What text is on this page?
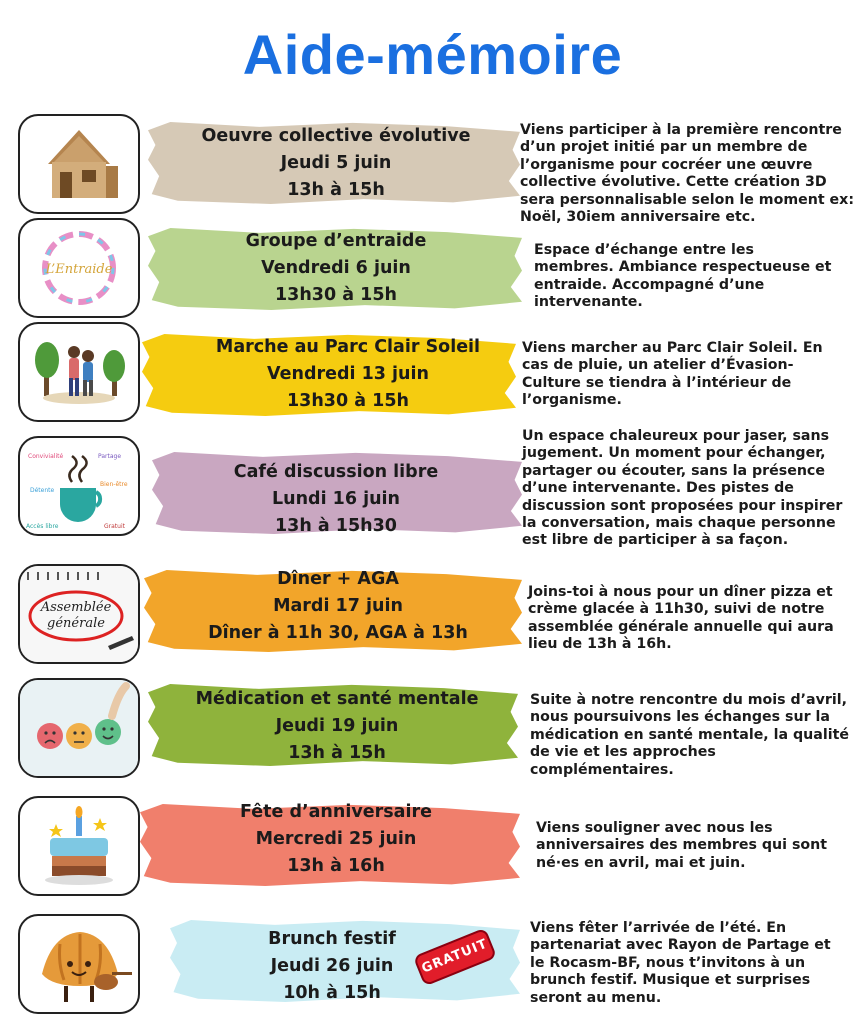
Aide-mémoire
Oeuvre collective évolutive
Jeudi 5 juin
13h à 15h
Viens participer à la première rencontre d’un projet initié par un membre de l’organisme pour cocréer une œuvre collective évolutive. Cette création 3D sera personnalisable selon le moment ex: Noël, 30iem anniversaire etc.
L’Entraide
Groupe d’entraide
Vendredi 6 juin
13h30 à 15h
Espace d’échange entre les membres. Ambiance respectueuse et entraide. Accompagné d’une intervenante.
Marche au Parc Clair Soleil
Vendredi 13 juin
13h30 à 15h
Viens marcher au Parc Clair Soleil. En cas de pluie, un atelier d’Évasion-Culture se tiendra à l’intérieur de l’organisme.
Convivialité	Partage
Détente
Bien-être
Accès libre	Gratuit
Café discussion libre
Lundi 16 juin
13h à 15h30
Un espace chaleureux pour jaser, sans jugement. Un moment pour échanger, partager ou écouter, sans la présence d’une intervenante. Des pistes de discussion sont proposées pour inspirer la conversation, mais chaque personne est libre de participer à sa façon.
Assemblée
générale
Dîner + AGA
Mardi 17 juin
Dîner à 11h 30, AGA à 13h
Joins-toi à nous pour un dîner pizza et crème glacée à 11h30, suivi de notre assemblée générale annuelle qui aura lieu de 13h à 16h.
Médication et santé mentale
Jeudi 19 juin
13h à 15h
Suite à notre rencontre du mois d’avril, nous poursuivons les échanges sur la médication en santé mentale, la qualité de vie et les approches complémentaires.
Fête d’anniversaire
Mercredi 25 juin
13h à 16h
Viens souligner avec nous les anniversaires des membres qui sont né·es en avril, mai et juin.
Brunch festif
Jeudi 26 juin
10h à 15h
Viens fêter l’arrivée de l’été. En partenariat avec Rayon de Partage et le Rocasm-BF, nous t’invitons à un brunch festif. Musique et surprises seront au menu.
GRATUIT
